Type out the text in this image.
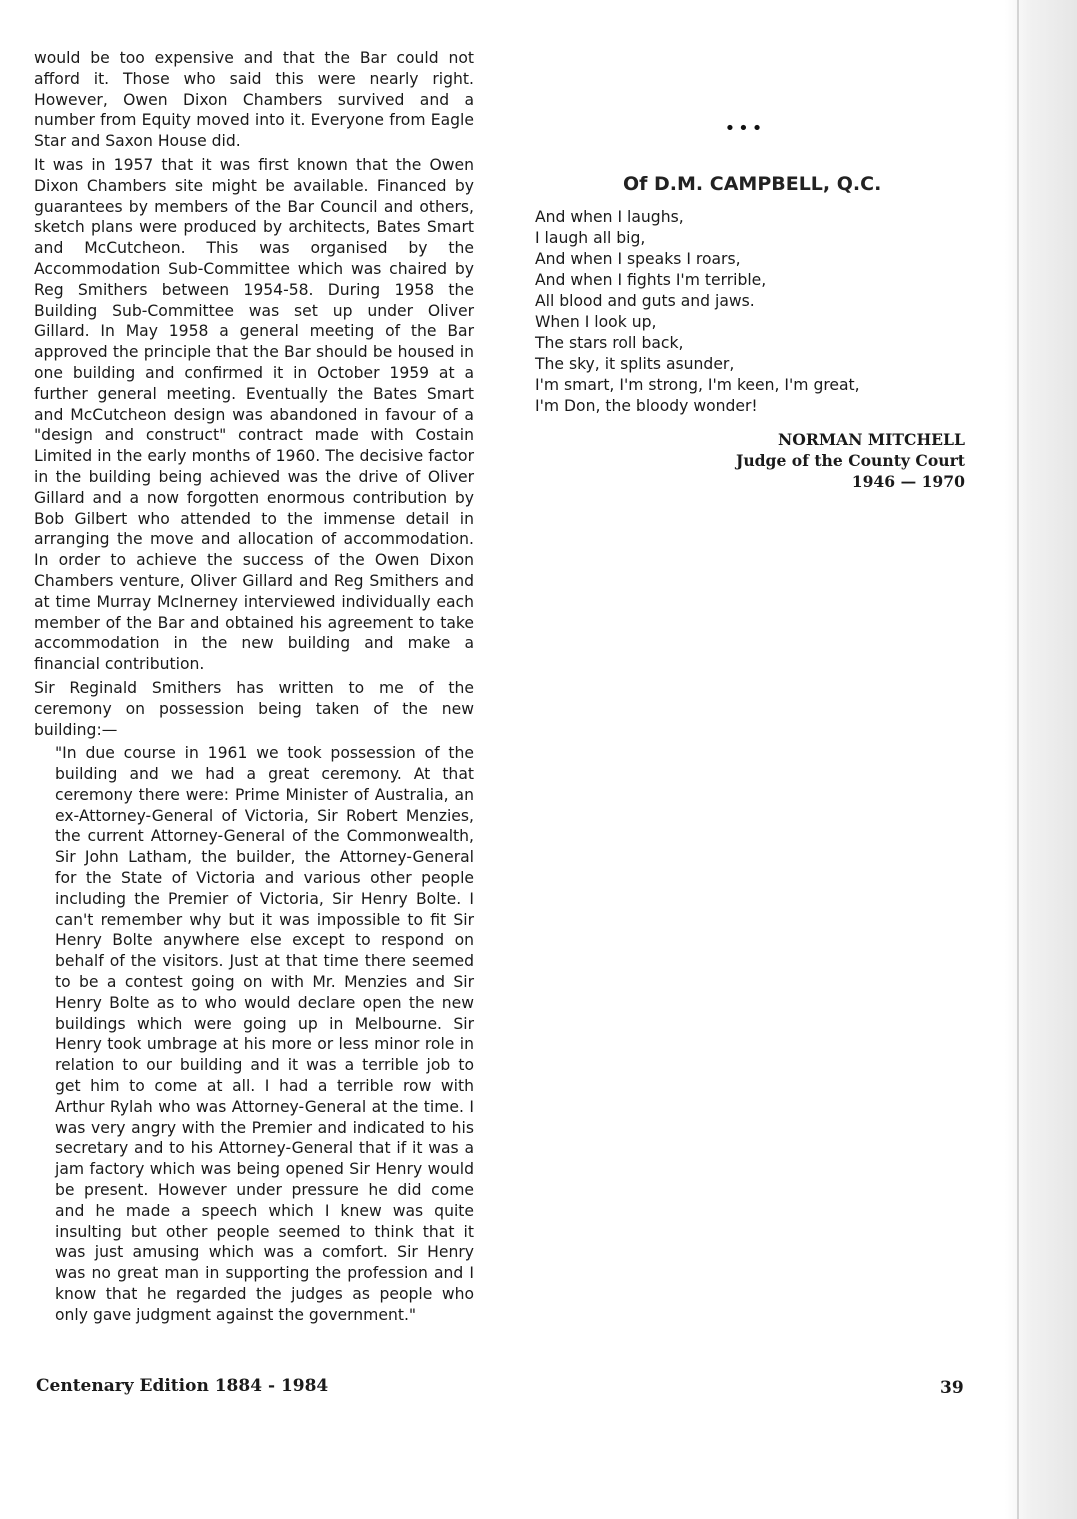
would be too expensive and that the Bar could not afford it. Those who said this were nearly right. However, Owen Dixon Chambers survived and a number from Equity moved into it. Everyone from Eagle Star and Saxon House did.

It was in 1957 that it was first known that the Owen Dixon Chambers site might be available. Financed by guarantees by members of the Bar Council and others, sketch plans were produced by architects, Bates Smart and McCutcheon. This was organised by the Accommodation Sub-Committee which was chaired by Reg Smithers between 1954-58. During 1958 the Building Sub-Committee was set up under Oliver Gillard. In May 1958 a general meeting of the Bar approved the principle that the Bar should be housed in one building and confirmed it in October 1959 at a further general meeting. Eventually the Bates Smart and McCutcheon design was abandoned in favour of a "design and construct" contract made with Costain Limited in the early months of 1960. The decisive factor in the building being achieved was the drive of Oliver Gillard and a now forgotten enormous contribution by Bob Gilbert who attended to the immense detail in arranging the move and allocation of accommodation. In order to achieve the success of the Owen Dixon Chambers venture, Oliver Gillard and Reg Smithers and at time Murray McInerney interviewed individually each member of the Bar and obtained his agreement to take accommodation in the new building and make a financial contribution.

Sir Reginald Smithers has written to me of the ceremony on possession being taken of the new building:—

"In due course in 1961 we took possession of the building and we had a great ceremony. At that ceremony there were: Prime Minister of Australia, an ex-Attorney-General of Victoria, Sir Robert Menzies, the current Attorney-General of the Commonwealth, Sir John Latham, the builder, the Attorney-General for the State of Victoria and various other people including the Premier of Victoria, Sir Henry Bolte. I can't remember why but it was impossible to fit Sir Henry Bolte anywhere else except to respond on behalf of the visitors. Just at that time there seemed to be a contest going on with Mr. Menzies and Sir Henry Bolte as to who would declare open the new buildings which were going up in Melbourne. Sir Henry took umbrage at his more or less minor role in relation to our building and it was a terrible job to get him to come at all. I had a terrible row with Arthur Rylah who was Attorney-General at the time. I was very angry with the Premier and indicated to his secretary and to his Attorney-General that if it was a jam factory which was being opened Sir Henry would be present. However under pressure he did come and he made a speech which I knew was quite insulting but other people seemed to think that it was just amusing which was a comfort. Sir Henry was no great man in supporting the profession and I know that he regarded the judges as people who only gave judgment against the government."
•••
Of D.M. CAMPBELL, Q.C.
And when I laughs,
I laugh all big,
And when I speaks I roars,
And when I fights I'm terrible,
All blood and guts and jaws.
When I look up,
The stars roll back,
The sky, it splits asunder,
I'm smart, I'm strong, I'm keen, I'm great,
I'm Don, the bloody wonder!
NORMAN MITCHELL
Judge of the County Court
1946 — 1970
Centenary Edition 1884 - 1984	39
